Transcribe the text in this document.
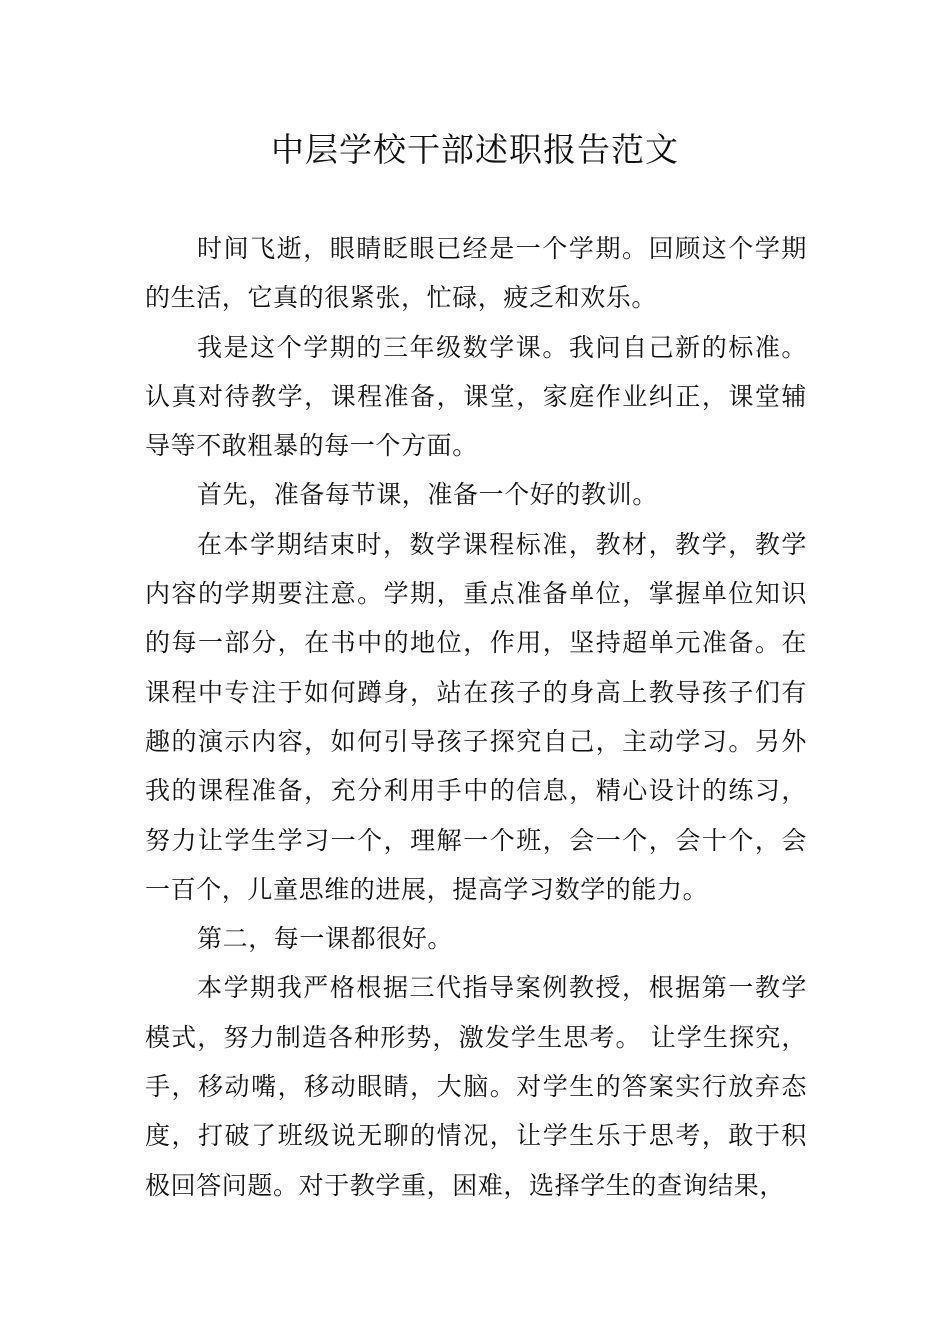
中层学校干部述职报告范文

时间飞逝，眼睛眨眼已经是一个学期。回顾这个学期的生活，它真的很紧张，忙碌，疲乏和欢乐。

我是这个学期的三年级数学课。我问自己新的标准。认真对待教学，课程准备，课堂，家庭作业纠正，课堂辅导等不敢粗暴的每一个方面。

首先，准备每节课，准备一个好的教训。

在本学期结束时，数学课程标准，教材，教学，教学内容的学期要注意。学期，重点准备单位，掌握单位知识的每一部分，在书中的地位，作用，坚持超单元准备。在课程中专注于如何蹲身，站在孩子的身高上教导孩子们有趣的演示内容，如何引导孩子探究自己，主动学习。另外我的课程准备，充分利用手中的信息，精心设计的练习，努力让学生学习一个，理解一个班，会一个，会十个，会一百个，儿童思维的进展，提高学习数学的能力。

第二，每一课都很好。

本学期我严格根据三代指导案例教授，根据第一教学模式，努力制造各种形势，激发学生思考。 让学生探究，手，移动嘴，移动眼睛，大脑。对学生的答案实行放弃态度，打破了班级说无聊的情况，让学生乐于思考，敢于积极回答问题。对于教学重，困难，选择学生的查询结果，
